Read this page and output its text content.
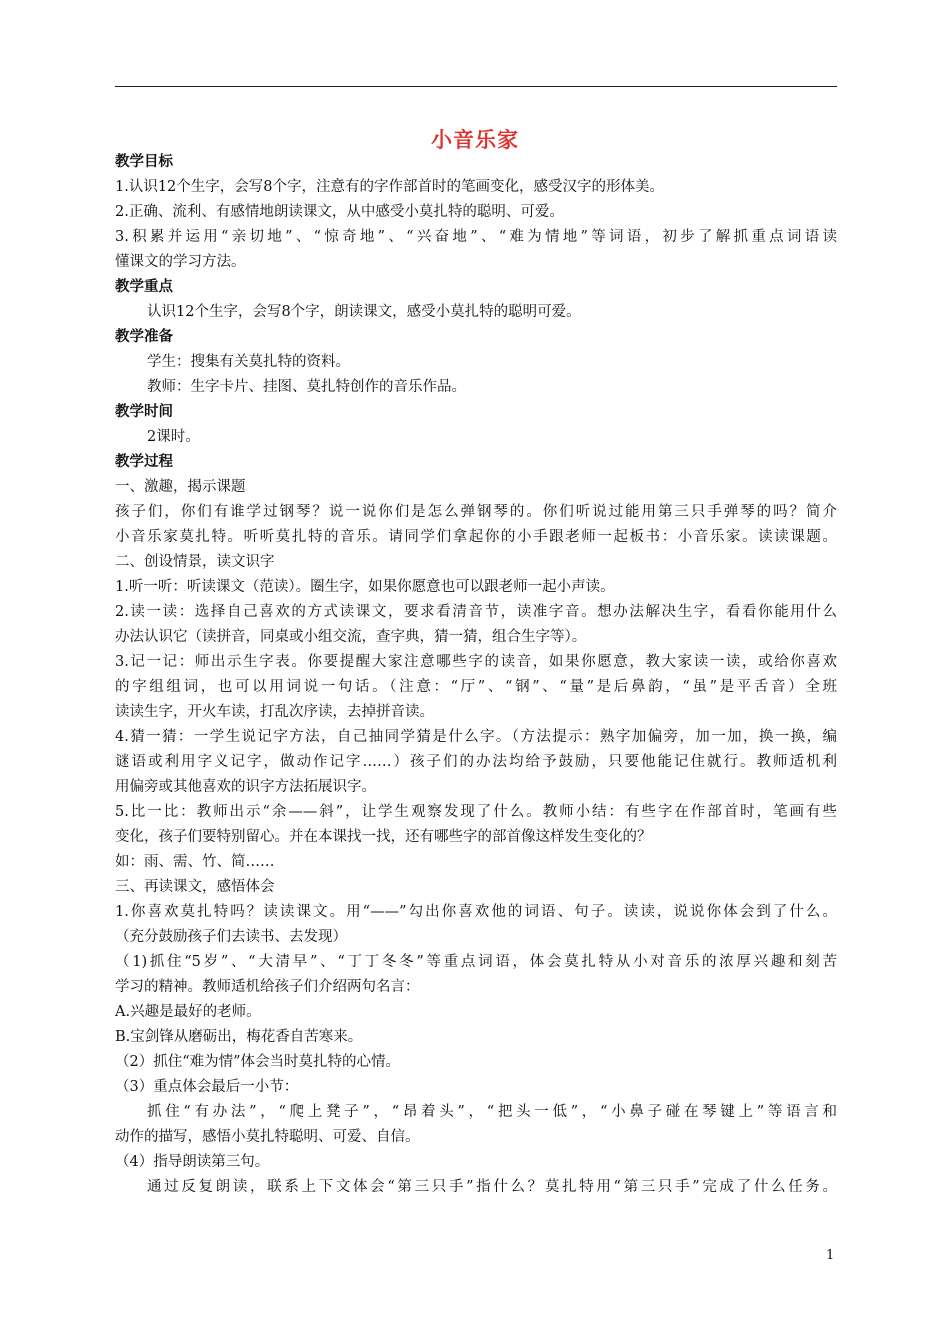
小音乐家
教学目标
1.认识12个生字，会写8个字，注意有的字作部首时的笔画变化，感受汉字的形体美。
2.正确、流利、有感情地朗读课文，从中感受小莫扎特的聪明、可爱。
3.积累并运用“亲切地”、“惊奇地”、“兴奋地”、“难为情地”等词语，初步了解抓重点词语读
懂课文的学习方法。
教学重点
认识12个生字，会写8个字，朗读课文，感受小莫扎特的聪明可爱。
教学准备
学生：搜集有关莫扎特的资料。
教师：生字卡片、挂图、莫扎特创作的音乐作品。
教学时间
2课时。
教学过程
一、激趣，揭示课题
孩子们，你们有谁学过钢琴？说一说你们是怎么弹钢琴的。你们听说过能用第三只手弹琴的吗？简介
小音乐家莫扎特。听听莫扎特的音乐。请同学们拿起你的小手跟老师一起板书：小音乐家。读读课题。
二、创设情景，读文识字
1.听一听：听读课文（范读）。圈生字，如果你愿意也可以跟老师一起小声读。
2.读一读：选择自己喜欢的方式读课文，要求看清音节，读准字音。想办法解决生字，看看你能用什么
办法认识它（读拼音，同桌或小组交流，查字典，猜一猜，组合生字等）。
3.记一记：师出示生字表。你要提醒大家注意哪些字的读音，如果你愿意，教大家读一读，或给你喜欢
的字组组词，也可以用词说一句话。（注意：“厅”、“钢”、“量”是后鼻韵，“虽”是平舌音）全班
读读生字，开火车读，打乱次序读，去掉拼音读。
4.猜一猜：一学生说记字方法，自己抽同学猜是什么字。（方法提示：熟字加偏旁，加一加，换一换，编
谜语或利用字义记字，做动作记字……）孩子们的办法均给予鼓励，只要他能记住就行。教师适机利
用偏旁或其他喜欢的识字方法拓展识字。
5.比一比：教师出示“余——斜”，让学生观察发现了什么。教师小结：有些字在作部首时，笔画有些
变化，孩子们要特别留心。并在本课找一找，还有哪些字的部首像这样发生变化的？
如：雨、需、竹、简……
三、再读课文，感悟体会
1.你喜欢莫扎特吗？读读课文。用“——”勾出你喜欢他的词语、句子。读读，说说你体会到了什么。
（充分鼓励孩子们去读书、去发现）
（1)抓住“5岁”、“大清早”、“丁丁冬冬”等重点词语，体会莫扎特从小对音乐的浓厚兴趣和刻苦
学习的精神。教师适机给孩子们介绍两句名言：
A.兴趣是最好的老师。
B.宝剑锋从磨砺出，梅花香自苦寒来。
（2）抓住“难为情”体会当时莫扎特的心情。
（3）重点体会最后一小节：
抓住“有办法”，“爬上凳子”，“昂着头”，“把头一低”，“小鼻子碰在琴键上”等语言和
动作的描写，感悟小莫扎特聪明、可爱、自信。
（4）指导朗读第三句。
通过反复朗读，联系上下文体会“第三只手”指什么？莫扎特用“第三只手”完成了什么任务。
1
